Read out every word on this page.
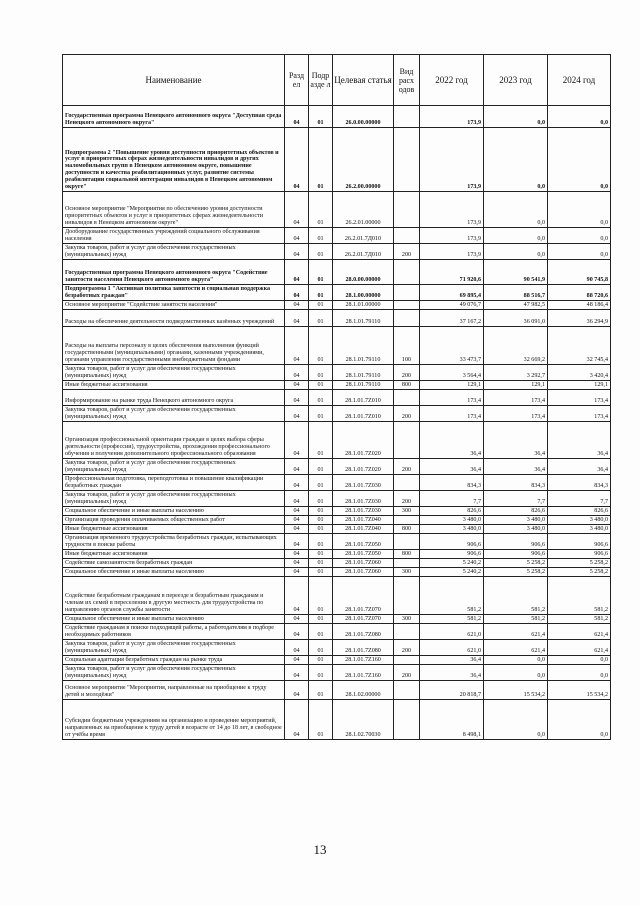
Наименование	Разд ел	Подр азде л	Целевая статья	Вид расх одов	2022 год	2023 год	2024 год
Государственная программа Ненецкого автономного округа "Доступная среда Ненецкого автономного округа"	04	01	26.0.00.00000		173,9	0,0	0,0
Подпрограмма 2 "Повышение уровня доступности приоритетных объектов и услуг в приоритетных сферах жизнедеятельности инвалидов и других маломобильных групп в Ненецком автономном округе, повышение доступности и качества реабилитационных услуг, развитие системы реабилитации социальной интеграции инвалидов в Ненецком автономном округе"	04	01	26.2.00.00000		173,9	0,0	0,0
Основное мероприятие "Мероприятия по обеспечению уровня доступности приоритетных объектов и услуг в приоритетных сферах жизнедеятельности инвалидов в Ненецком автономном округе"	04	01	26.2.01.00000		173,9	0,0	0,0
Дооборудование государственных учреждений социального обслуживания населения	04	01	26.2.01.7Д010		173,9	0,0	0,0
Закупка товаров, работ и услуг для обеспечения государственных (муниципальных) нужд	04	01	26.2.01.7Д010	200	173,9	0,0	0,0
Государственная программа Ненецкого автономного округа "Содействие занятости населения Ненецкого автономного округа"	04	01	28.0.00.00000		71 920,6	90 541,9	90 745,8
Подпрограмма 1 "Активная политика занятости и социальная поддержка безработных граждан"	04	01	28.1.00.00000		69 895,4	88 516,7	88 720,6
Основное мероприятие "Содействие занятости населения"	04	01	28.1.01.00000		49 076,7	47 982,5	48 186,4
Расходы на обеспечение деятельности подведомственных казённых учреждений	04	01	28.1.01.79110		37 167,2	36 091,0	36 294,9
Расходы на выплаты персоналу в целях обеспечения выполнения функций государственными (муниципальными) органами, казенными учреждениями, органами управления государственными внебюджетными фондами	04	01	28.1.01.79110	100	33 473,7	32 669,2	32 745,4
Закупка товаров, работ и услуг для обеспечения государственных (муниципальных) нужд	04	01	28.1.01.79110	200	3 564,4	3 292,7	3 420,4
Иные бюджетные ассигнования	04	01	28.1.01.79110	800	129,1	129,1	129,1
Информирование на рынке труда Ненецкого автономного округа	04	01	28.1.01.7Z010		173,4	173,4	173,4
Закупка товаров, работ и услуг для обеспечения государственных (муниципальных) нужд	04	01	28.1.01.7Z010	200	173,4	173,4	173,4
Организация профессиональной ориентации граждан в целях выбора сферы деятельности (профессии), трудоустройства, прохождения профессионального обучения и получения дополнительного профессионального образования	04	01	28.1.01.7Z020		36,4	36,4	36,4
Закупка товаров, работ и услуг для обеспечения государственных (муниципальных) нужд	04	01	28.1.01.7Z020	200	36,4	36,4	36,4
Профессиональная подготовка, переподготовка и повышение квалификации безработных граждан	04	01	28.1.01.7Z030		834,3	834,3	834,3
Закупка товаров, работ и услуг для обеспечения государственных (муниципальных) нужд	04	01	28.1.01.7Z030	200	7,7	7,7	7,7
Социальное обеспечение и иные выплаты населению	04	01	28.1.01.7Z030	300	826,6	826,6	826,6
Организация проведения оплачиваемых общественных работ	04	01	28.1.01.7Z040		3 480,0	3 480,0	3 480,0
Иные бюджетные ассигнования	04	01	28.1.01.7Z040	800	3 480,0	3 480,0	3 480,0
Организация временного трудоустройства безработных граждан, испытывающих трудности в поиске работы	04	01	28.1.01.7Z050		906,6	906,6	906,6
Иные бюджетные ассигнования	04	01	28.1.01.7Z050	800	906,6	906,6	906,6
Содействие самозанятости безработных граждан	04	01	28.1.01.7Z060		5 240,2	5 258,2	5 258,2
Социальное обеспечение и иные выплаты населению	04	01	28.1.01.7Z060	300	5 240,2	5 258,2	5 258,2
Содействие безработным гражданам в переезде и безработным гражданам и членам их семей в переселении в другую местность для трудоустройства по направлению органов службы занятости	04	01	28.1.01.7Z070		581,2	581,2	581,2
Социальное обеспечение и иные выплаты населению	04	01	28.1.01.7Z070	300	581,2	581,2	581,2
Содействие гражданам в поиске подходящей работы, а работодателям в подборе необходимых работников	04	01	28.1.01.7Z080		621,0	621,4	621,4
Закупка товаров, работ и услуг для обеспечения государственных (муниципальных) нужд	04	01	28.1.01.7Z080	200	621,0	621,4	621,4
Социальная адаптация безработных граждан на рынке труда	04	01	28.1.01.7Z160		36,4	0,0	0,0
Закупка товаров, работ и услуг для обеспечения государственных (муниципальных) нужд	04	01	28.1.01.7Z160	200	36,4	0,0	0,0
Основное мероприятие "Мероприятия, направленные на приобщение к труду детей и молодёжи"	04	01	28.1.02.00000		20 818,7	15 534,2	15 534,2
Субсидии бюджетным учреждениям на организацию и проведение мероприятий, направленных на приобщение к труду детей в возрасте от 14 до 18 лет, в свободное от учёбы время	04	01	28.1.02.70030		8 498,1	0,0	0,0
13
